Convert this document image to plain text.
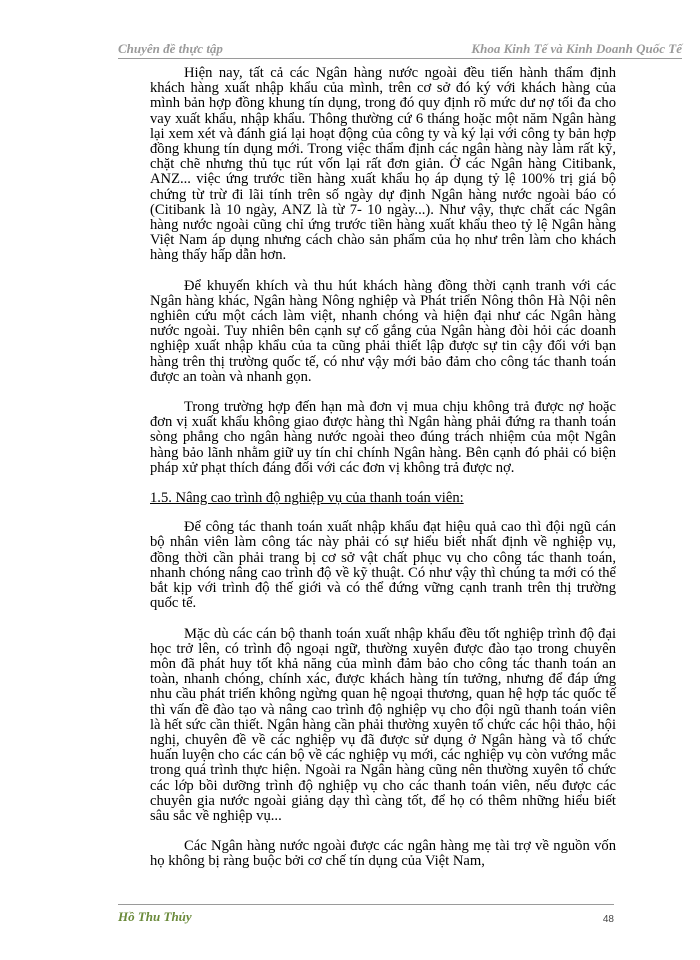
Chuyên đề thực tập	Khoa Kinh Tế và Kinh Doanh Quốc Tế

Hiện nay, tất cả các Ngân hàng nước ngoài đều tiến hành thẩm định khách hàng xuất nhập khẩu của mình, trên cơ sở đó ký với khách hàng của mình bản hợp đồng khung tín dụng, trong đó quy định rõ mức dư nợ tối đa cho vay xuất khẩu, nhập khẩu. Thông thường cứ 6 tháng hoặc một năm Ngân hàng lại xem xét và đánh giá lại hoạt động của công ty và ký lại với công ty bản hợp đồng khung tín dụng mới. Trong việc thẩm định các ngân hàng này làm rất kỹ, chặt chẽ nhưng thủ tục rút vốn lại rất đơn giản. Ở các Ngân hàng Citibank, ANZ... việc ứng trước tiền hàng xuất khẩu họ áp dụng tỷ lệ 100% trị giá bộ chứng từ trừ đi lãi tính trên số ngày dự định Ngân hàng nước ngoài báo có (Citibank là 10 ngày, ANZ là từ 7- 10 ngày...). Như vậy, thực chất các Ngân hàng nước ngoài cũng chỉ ứng trước tiền hàng xuất khẩu theo tỷ lệ Ngân hàng Việt Nam áp dụng nhưng cách chào sản phẩm của họ như trên làm cho khách hàng thấy hấp dẫn hơn.

Để khuyến khích và thu hút khách hàng đồng thời cạnh tranh với các Ngân hàng khác, Ngân hàng Nông nghiệp và Phát triển Nông thôn Hà Nội nên nghiên cứu một cách làm việt, nhanh chóng và hiện đại như các Ngân hàng nước ngoài. Tuy nhiên bên cạnh sự cố gắng của Ngân hàng đòi hỏi các doanh nghiệp xuất nhập khẩu của ta cũng phải thiết lập được sự tin cậy đối với bạn hàng trên thị trường quốc tế, có như vậy mới bảo đảm cho công tác thanh toán được an toàn và nhanh gọn.

Trong trường hợp đến hạn mà đơn vị mua chịu không trả được nợ hoặc đơn vị xuất khẩu không giao được hàng thì Ngân hàng phải đứng ra thanh toán sòng phẳng cho ngân hàng nước ngoài theo đúng trách nhiệm của một Ngân hàng bảo lãnh nhằm giữ uy tín chỉ chính Ngân hàng. Bên cạnh đó phải có biện pháp xử phạt thích đáng đối với các đơn vị không trả được nợ.

1.5. Nâng cao trình độ nghiệp vụ của thanh toán viên:

Để công tác thanh toán xuất nhập khẩu đạt hiệu quả cao thì đội ngũ cán bộ nhân viên làm công tác này phải có sự hiểu biết nhất định về nghiệp vụ, đồng thời cần phải trang bị cơ sở vật chất phục vụ cho công tác thanh toán, nhanh chóng nâng cao trình độ về kỹ thuật. Có như vậy thì chúng ta mới có thể bắt kịp với trình độ thế giới và có thể đứng vững cạnh tranh trên thị trường quốc tế.

Mặc dù các cán bộ thanh toán xuất nhập khẩu đều tốt nghiệp trình độ đại học trở lên, có trình độ ngoại ngữ, thường xuyên được đào tạo trong chuyên môn đã phát huy tốt khả năng của mình đảm bảo cho công tác thanh toán an toàn, nhanh chóng, chính xác, được khách hàng tín tưởng, nhưng để đáp ứng nhu cầu phát triển không ngừng quan hệ ngoại thương, quan hệ hợp tác quốc tế thì vấn đề đào tạo và nâng cao trình độ nghiệp vụ cho đội ngũ thanh toán viên là hết sức cần thiết. Ngân hàng cần phải thường xuyên tổ chức các hội thảo, hội nghị, chuyên đề về các nghiệp vụ đã được sử dụng ở Ngân hàng và tổ chức huấn luyện cho các cán bộ về các nghiệp vụ mới, các nghiệp vụ còn vướng mắc trong quá trình thực hiện. Ngoài ra Ngân hàng cũng nên thường xuyên tổ chức các lớp bồi dưỡng trình độ nghiệp vụ cho các thanh toán viên, nếu được các chuyên gia nước ngoài giảng dạy thì càng tốt, để họ có thêm những hiểu biết sâu sắc về nghiệp vụ...

Các Ngân hàng nước ngoài được các ngân hàng mẹ tài trợ về nguồn vốn họ không bị ràng buộc bởi cơ chế tín dụng của Việt Nam,

Hồ Thu Thủy	48
